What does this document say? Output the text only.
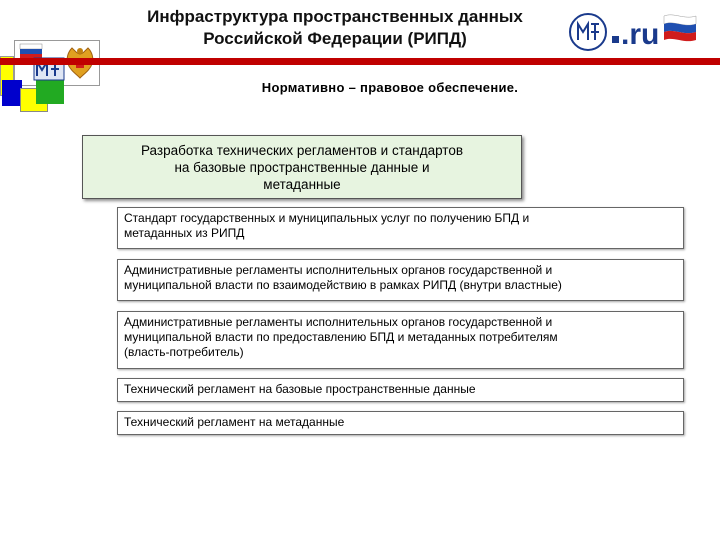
Инфраструктура пространственных данных
Российской Федерации (РИПД)	.ru
Нормативно – правовое обеспечение.
Разработка технических регламентов и стандартов
на базовые пространственные данные и
метаданные
Стандарт государственных и муниципальных услуг по получению БПД и
метаданных из РИПД
Административные регламенты исполнительных органов государственной и
муниципальной власти по взаимодействию в рамках РИПД (внутри властные)
Административные регламенты исполнительных органов государственной и
муниципальной власти по предоставлению БПД и метаданных потребителям
(власть-потребитель)
Технический регламент на базовые пространственные данные
Технический регламент на метаданные
